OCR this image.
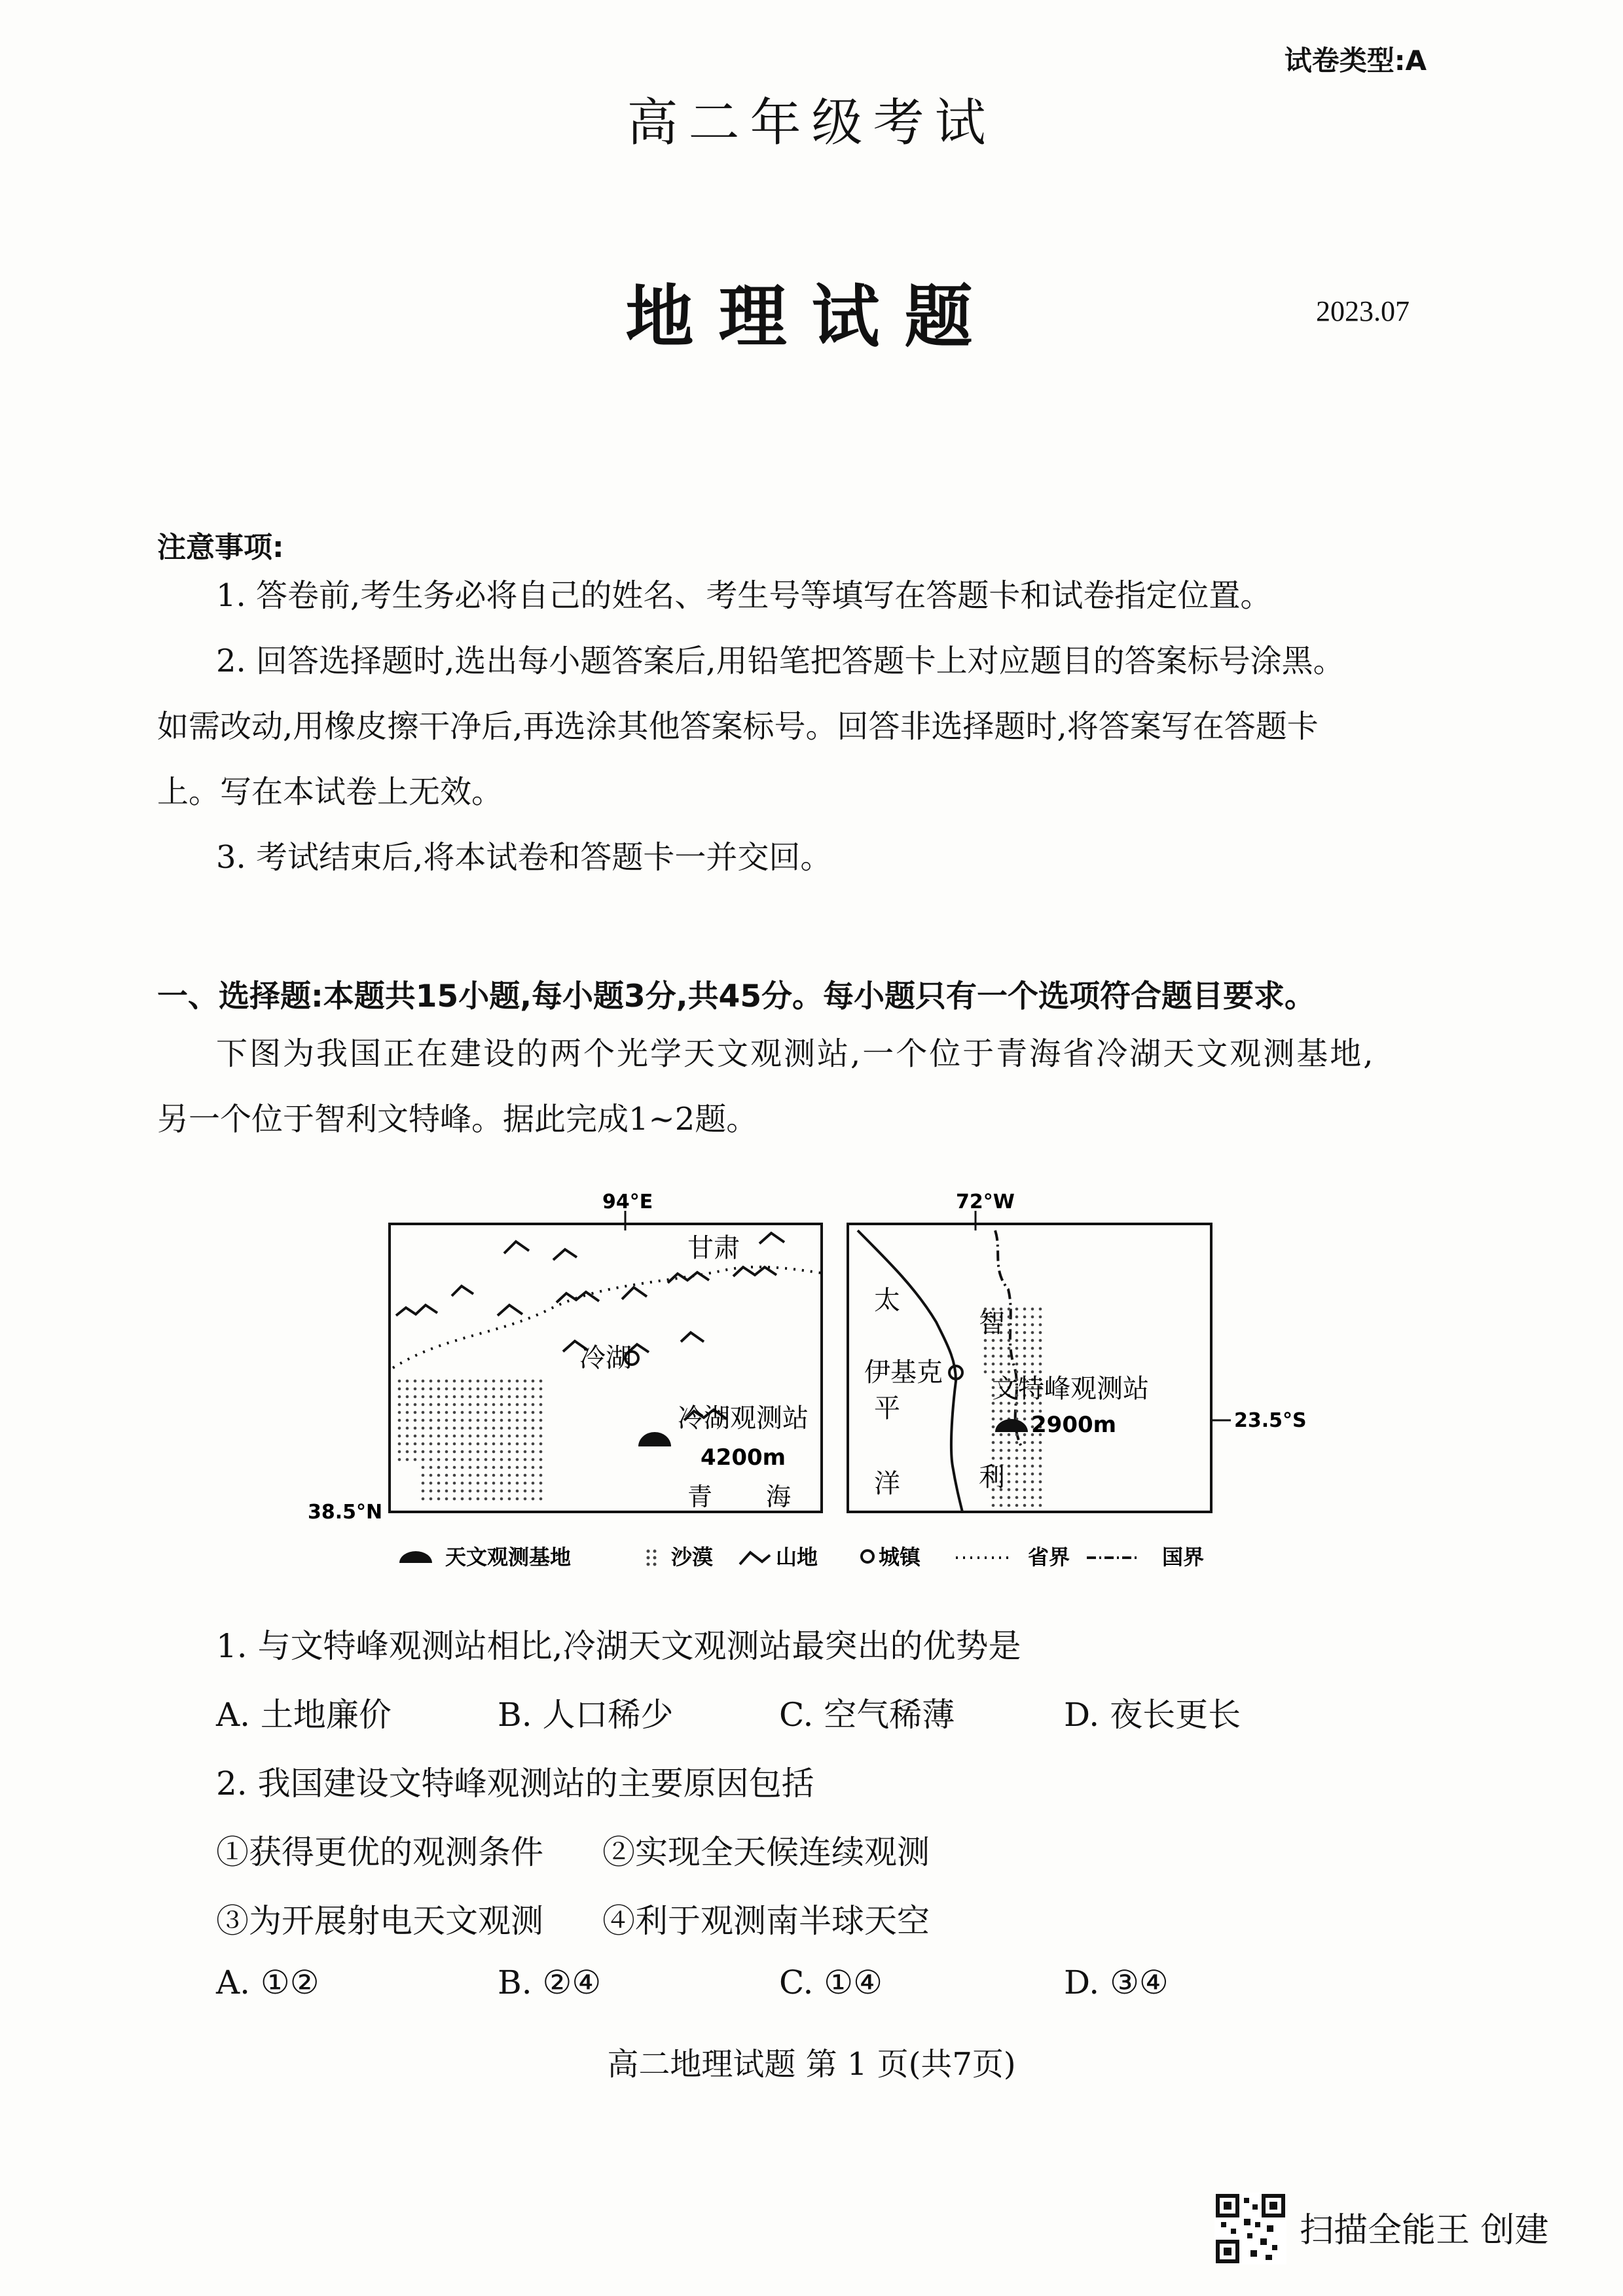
试卷类型:A
高二年级考试
地理试题	2023.07
注意事项:

1. 答卷前,考生务必将自己的姓名、考生号等填写在答题卡和试卷指定位置。

2. 回答选择题时,选出每小题答案后,用铅笔把答题卡上对应题目的答案标号涂黑。

如需改动,用橡皮擦干净后,再选涂其他答案标号。回答非选择题时,将答案写在答题卡

上。写在本试卷上无效。

3. 考试结束后,将本试卷和答题卡一并交回。

一、选择题:本题共15小题,每小题3分,共45分。每小题只有一个选项符合题目要求。

下图为我国正在建设的两个光学天文观测站,一个位于青海省冷湖天文观测基地,

另一个位于智利文特峰。据此完成1~2题。

94°E
38.5°N
甘肃
冷湖
冷湖观测站
4200m
青 海
72°W
23.5°S
太
平
洋
智
利
伊基克
文特峰观测站
2900m
天文观测基地	沙漠	山地	城镇	省界	国界
1. 与文特峰观测站相比,冷湖天文观测站最突出的优势是
A. 土地廉价	B. 人口稀少	C. 空气稀薄	D. 夜长更长
2. 我国建设文特峰观测站的主要原因包括
①获得更优的观测条件 ②实现全天候连续观测
③为开展射电天文观测 ④利于观测南半球天空
A. ①②	B. ②④	C. ①④	D. ③④
高二地理试题 第 1 页(共7页)
扫描全能王 创建
